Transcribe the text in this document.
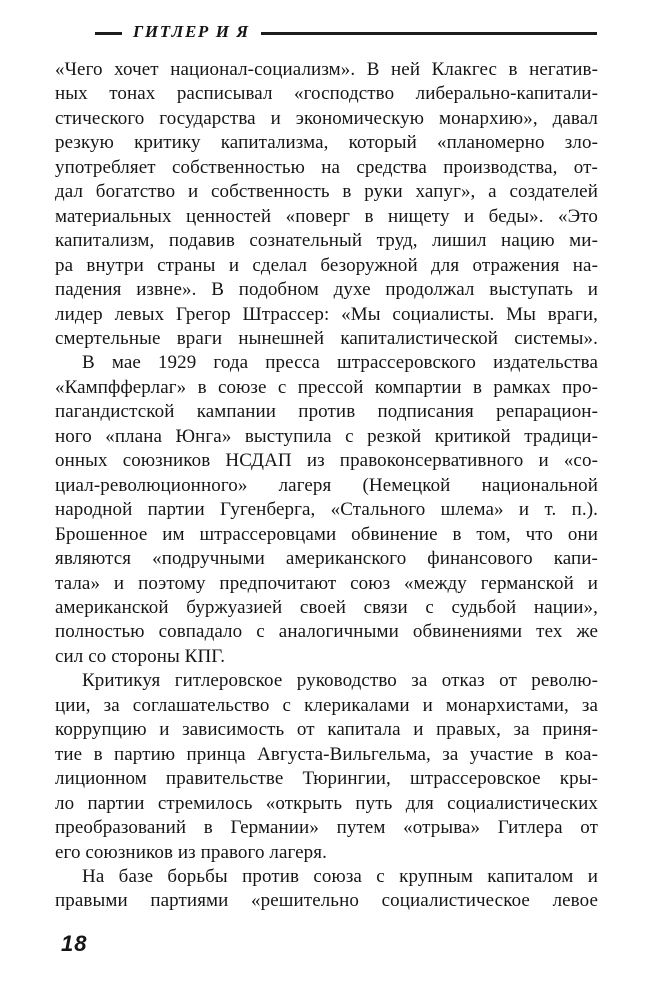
ГИТЛЕР И Я
«Чего хочет национал-социализм». В ней Клакгес в негатив-
ных тонах расписывал «господство либерально-капитали-
стического государства и экономическую монархию», давал
резкую критику капитализма, который «планомерно зло-
употребляет собственностью на средства производства, от-
дал богатство и собственность в руки хапуг», а создателей
материальных ценностей «поверг в нищету и беды». «Это
капитализм, подавив сознательный труд, лишил нацию ми-
ра внутри страны и сделал безоружной для отражения на-
падения извне». В подобном духе продолжал выступать и
лидер левых Грегор Штрассер: «Мы социалисты. Мы враги,
смертельные враги нынешней капиталистической системы».
В мае 1929 года пресса штрассеровского издательства
«Кампфферлаг» в союзе с прессой компартии в рамках про-
пагандистской кампании против подписания репарацион-
ного «плана Юнга» выступила с резкой критикой традици-
онных союзников НСДАП из правоконсервативного и «со-
циал-революционного» лагеря (Немецкой национальной
народной партии Гугенберга, «Стального шлема» и т. п.).
Брошенное им штрассеровцами обвинение в том, что они
являются «подручными американского финансового капи-
тала» и поэтому предпочитают союз «между германской и
американской буржуазией своей связи с судьбой нации»,
полностью совпадало с аналогичными обвинениями тех же
сил со стороны КПГ.
Критикуя гитлеровское руководство за отказ от револю-
ции, за соглашательство с клерикалами и монархистами, за
коррупцию и зависимость от капитала и правых, за приня-
тие в партию принца Августа-Вильгельма, за участие в коа-
лиционном правительстве Тюрингии, штрассеровское кры-
ло партии стремилось «открыть путь для социалистических
преобразований в Германии» путем «отрыва» Гитлера от
его союзников из правого лагеря.
На базе борьбы против союза с крупным капиталом и
правыми партиями «решительно социалистическое левое
18
